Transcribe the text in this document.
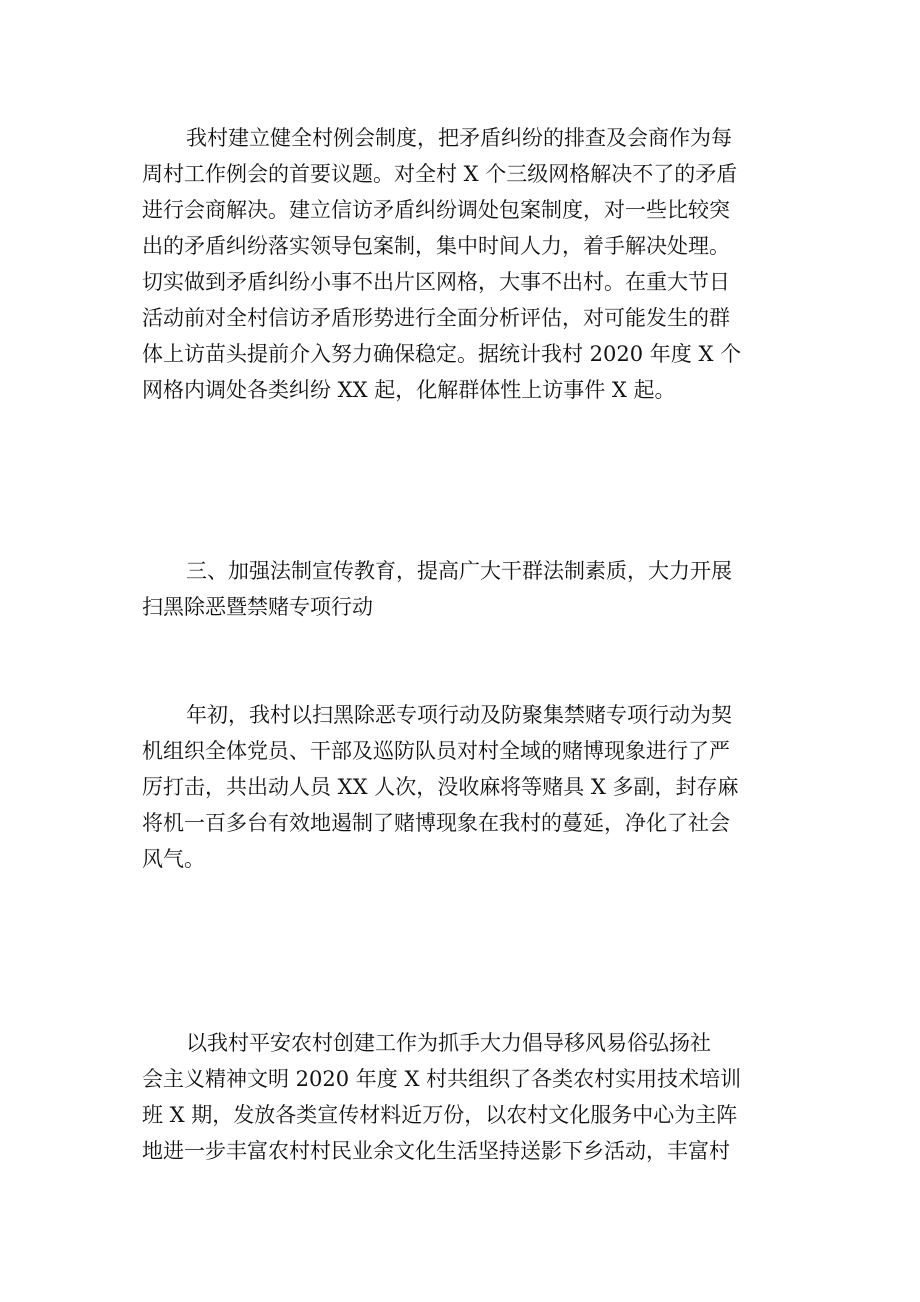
我村建立健全村例会制度，把矛盾纠纷的排查及会商作为每
周村工作例会的首要议题。对全村 X 个三级网格解决不了的矛盾
进行会商解决。建立信访矛盾纠纷调处包案制度，对一些比较突
出的矛盾纠纷落实领导包案制，集中时间人力，着手解决处理。
切实做到矛盾纠纷小事不出片区网格，大事不出村。在重大节日
活动前对全村信访矛盾形势进行全面分析评估，对可能发生的群
体上访苗头提前介入努力确保稳定。据统计我村 2020 年度 X 个
网格内调处各类纠纷 XX 起，化解群体性上访事件 X 起。
三、加强法制宣传教育，提高广大干群法制素质，大力开展
扫黑除恶暨禁赌专项行动
年初，我村以扫黑除恶专项行动及防聚集禁赌专项行动为契
机组织全体党员、干部及巡防队员对村全域的赌博现象进行了严
厉打击，共出动人员 XX 人次，没收麻将等赌具 X 多副，封存麻
将机一百多台有效地遏制了赌博现象在我村的蔓延，净化了社会
风气。
以我村平安农村创建工作为抓手大力倡导移风易俗弘扬社
会主义精神文明 2020 年度 X 村共组织了各类农村实用技术培训
班 X 期，发放各类宣传材料近万份，以农村文化服务中心为主阵
地进一步丰富农村村民业余文化生活坚持送影下乡活动，丰富村
